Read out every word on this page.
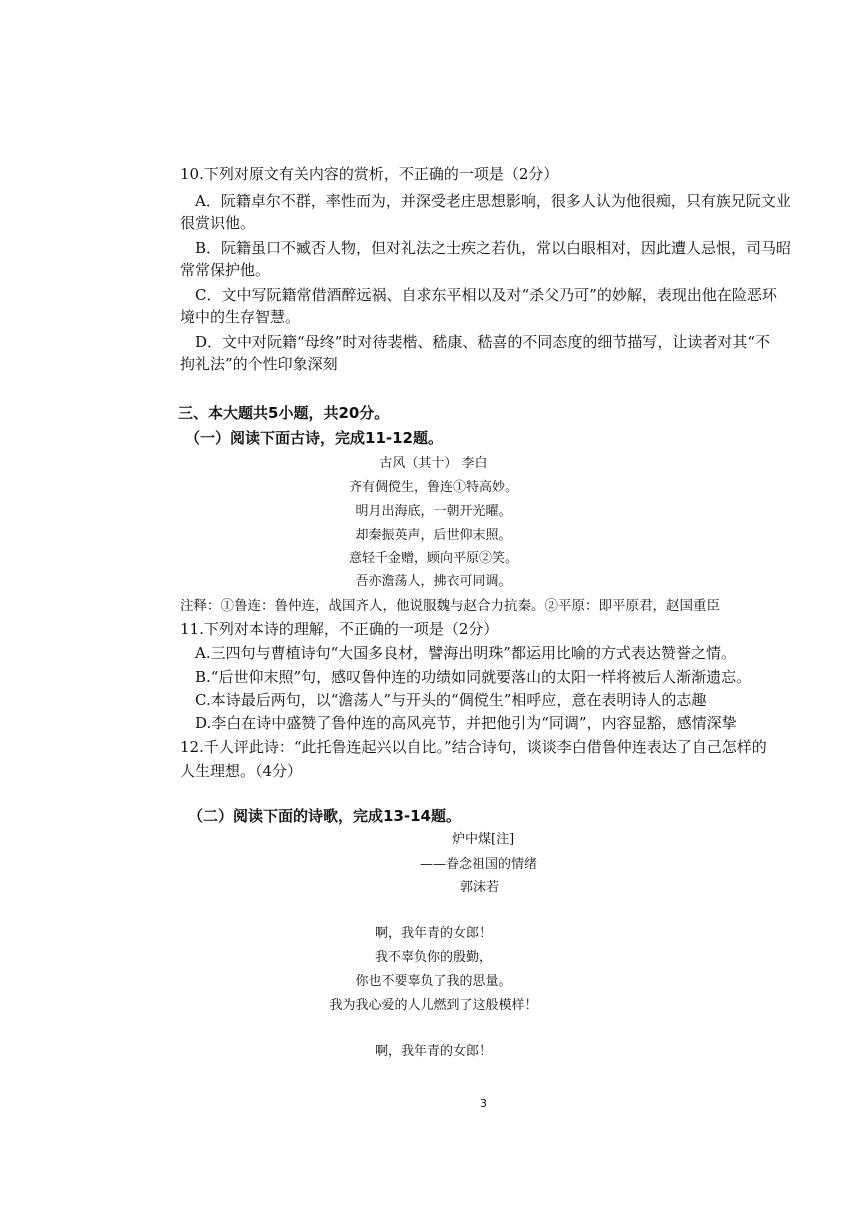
10.下列对原文有关内容的赏析，不正确的一项是（2分）
A．阮籍卓尔不群，率性而为，并深受老庄思想影响，很多人认为他很痴，只有族兄阮文业
很赏识他。
B．阮籍虽口不臧否人物，但对礼法之士疾之若仇，常以白眼相对，因此遭人忌恨，司马昭
常常保护他。
C．文中写阮籍常借酒醉远祸、自求东平相以及对“杀父乃可”的妙解，表现出他在险恶环
境中的生存智慧。
D．文中对阮籍“母终”时对待裴楷、嵇康、嵇喜的不同态度的细节描写，让读者对其“不
拘礼法”的个性印象深刻
三、本大题共5小题，共20分。
（一）阅读下面古诗，完成11-12题。
古风（其十） 李白
齐有倜傥生，鲁连①特高妙。
明月出海底，一朝开光曜。
却秦振英声，后世仰末照。
意轻千金赠，顾向平原②笑。
吾亦澹荡人，拂衣可同调。
注释：①鲁连：鲁仲连，战国齐人，他说服魏与赵合力抗秦。②平原：即平原君，赵国重臣
11.下列对本诗的理解，不正确的一项是（2分）
A.三四句与曹植诗句“大国多良材，譬海出明珠”都运用比喻的方式表达赞誉之情。
B.“后世仰末照”句，感叹鲁仲连的功绩如同就要落山的太阳一样将被后人渐渐遗忘。
C.本诗最后两句，以“澹荡人”与开头的“倜傥生”相呼应，意在表明诗人的志趣
D.李白在诗中盛赞了鲁仲连的高风亮节，并把他引为“同调”，内容显豁，感情深挚
12.千人评此诗：“此托鲁连起兴以自比。”结合诗句，谈谈李白借鲁仲连表达了自己怎样的
人生理想。（4分）
（二）阅读下面的诗歌，完成13-14题。
炉中煤[注]
——眷念祖国的情绪
郭沫若
啊，我年青的女郎！
我不辜负你的殷勤，
你也不要辜负了我的思量。
我为我心爱的人儿燃到了这般模样！
啊，我年青的女郎！
3
